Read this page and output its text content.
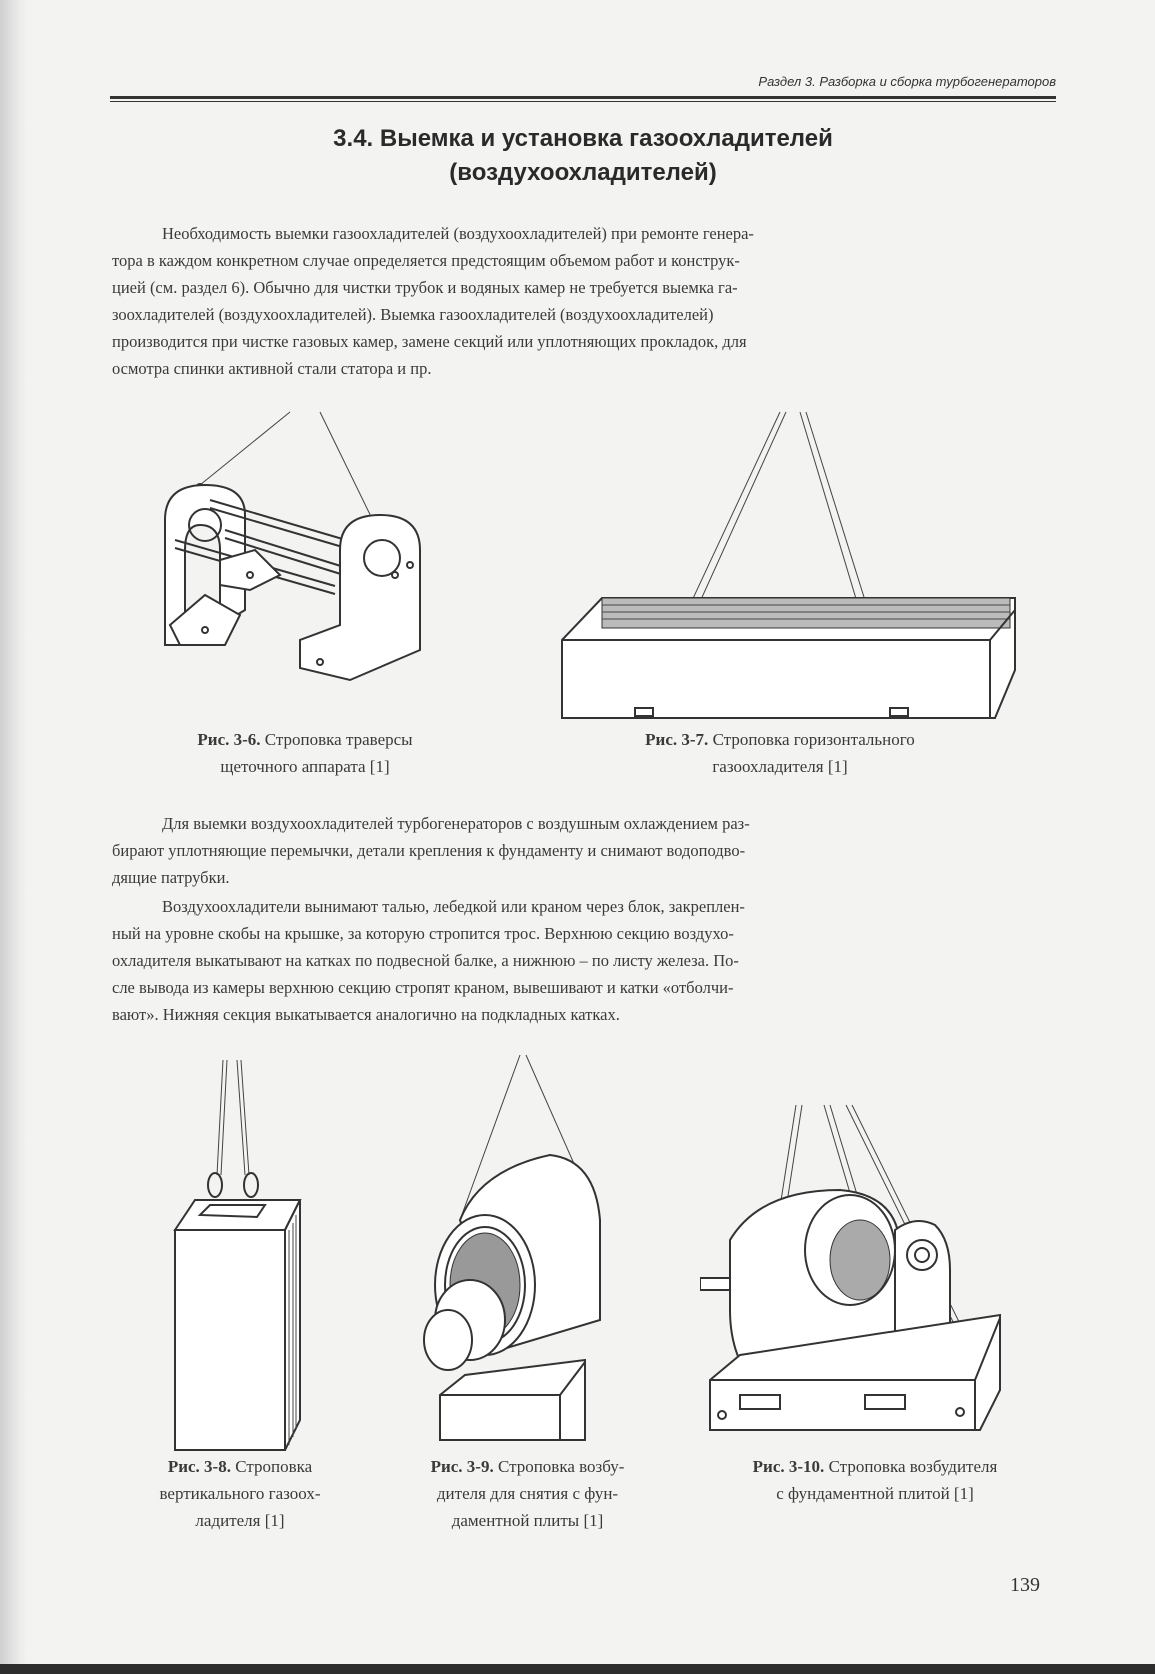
Раздел 3. Разборка и сборка турбогенераторов
3.4. Выемка и установка газоохладителей
(воздухоохладителей)
Необходимость выемки газоохладителей (воздухоохладителей) при ремонте генера-
тора в каждом конкретном случае определяется предстоящим объемом работ и конструк-
цией (см. раздел 6). Обычно для чистки трубок и водяных камер не требуется выемка га-
зоохладителей (воздухоохладителей). Выемка газоохладителей (воздухоохладителей)
производится при чистке газовых камер, замене секций или уплотняющих прокладок, для
осмотра спинки активной стали статора и пр.
Рис. 3-6. Строповка траверсы
щеточного аппарата [1]
Рис. 3-7. Строповка горизонтального
газоохладителя [1]
Для выемки воздухоохладителей турбогенераторов с воздушным охлаждением раз-
бирают уплотняющие перемычки, детали крепления к фундаменту и снимают водоподво-
дящие патрубки.
Воздухоохладители вынимают талью, лебедкой или краном через блок, закреплен-
ный на уровне скобы на крышке, за которую стропится трос. Верхнюю секцию воздухо-
охладителя выкатывают на катках по подвесной балке, а нижнюю – по листу железа. По-
сле вывода из камеры верхнюю секцию стропят краном, вывешивают и катки «отболчи-
вают». Нижняя секция выкатывается аналогично на подкладных катках.
Рис. 3-8. Строповка
вертикального газоох-
ладителя [1]
Рис. 3-9. Строповка возбу-
дителя для снятия с фун-
даментной плиты [1]
Рис. 3-10. Строповка возбудителя
с фундаментной плитой [1]
139
